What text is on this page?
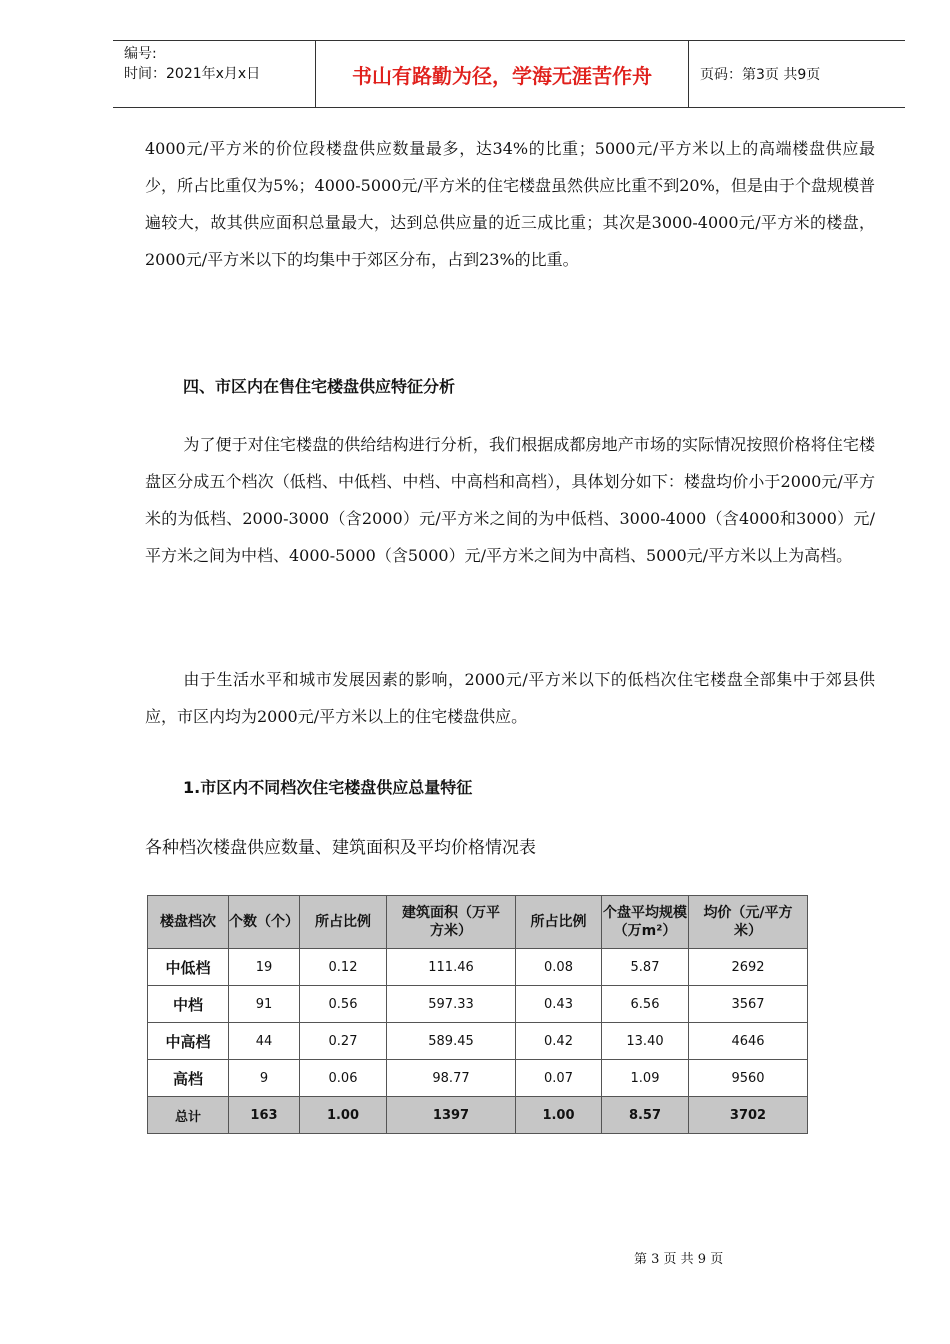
编号:
时间：2021年x月x日	书山有路勤为径，学海无涯苦作舟	页码：第3页 共9页

4000元/平方米的价位段楼盘供应数量最多，达34%的比重；5000元/平方米以上的高端楼盘供应最少，所占比重仅为5%；4000-5000元/平方米的住宅楼盘虽然供应比重不到20%，但是由于个盘规模普遍较大，故其供应面积总量最大，达到总供应量的近三成比重；其次是3000-4000元/平方米的楼盘，2000元/平方米以下的均集中于郊区分布，占到23%的比重。

四、市区内在售住宅楼盘供应特征分析

为了便于对住宅楼盘的供给结构进行分析，我们根据成都房地产市场的实际情况按照价格将住宅楼盘区分成五个档次（低档、中低档、中档、中高档和高档），具体划分如下：楼盘均价小于2000元/平方米的为低档、2000-3000（含2000）元/平方米之间的为中低档、3000-4000（含4000和3000）元/平方米之间为中档、4000-5000（含5000）元/平方米之间为中高档、5000元/平方米以上为高档。

由于生活水平和城市发展因素的影响，2000元/平方米以下的低档次住宅楼盘全部集中于郊县供应，市区内均为2000元/平方米以上的住宅楼盘供应。

1.市区内不同档次住宅楼盘供应总量特征

各种档次楼盘供应数量、建筑面积及平均价格情况表

楼盘档次	个数（个）	所占比例	建筑面积（万平方米）	所占比例	个盘平均规模（万m²）	均价（元/平方米）
中低档	19	0.12	111.46	0.08	5.87	2692
中档	91	0.56	597.33	0.43	6.56	3567
中高档	44	0.27	589.45	0.42	13.40	4646
高档	9	0.06	98.77	0.07	1.09	9560
总计	163	1.00	1397	1.00	8.57	3702
第 3 页 共 9 页
